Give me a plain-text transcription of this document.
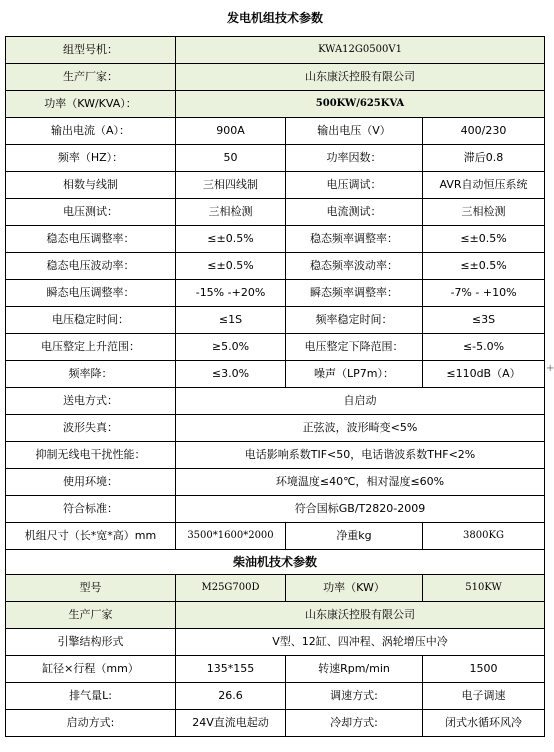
发电机组技术参数			
组型号机：	KWA12G0500V1		
生产厂家：	山东康沃控股有限公司		
功率（KW/KVA）：	500KW/625KVA		
输出电流（A）：	900A	输出电压（V）	400/230
频率（HZ）：	50	功率因数：	滞后0.8
相数与线制	三相四线制	电压调试：	AVR自动恒压系统
电压测试：	三相检测	电流测试：	三相检测
稳态电压调整率：	≤±0.5%	稳态频率调整率：	≤±0.5%
稳态电压波动率：	≤±0.5%	稳态频率波动率：	≤±0.5%
瞬态电压调整率：	-15% -+20%	瞬态频率调整率：	-7% - +10%
电压稳定时间：	≤1S	频率稳定时间：	≤3S
电压整定上升范围：	≥5.0%	电压整定下降范围：	≤-5.0%
频率降：	≤3.0%	噪声（LP7m）：	≤110dB（A）
送电方式：	自启动		
波形失真：	正弦波，波形畸变<5%		
抑制无线电干扰性能：	电话影响系数TIF<50，电话谐波系数THF<2%		
使用环境：	环境温度≤40℃，相对湿度≤60%		
符合标准：	符合国标GB/T2820-2009		
机组尺寸（长*宽*高）mm	3500*1600*2000	净重kg	3800KG
柴油机技术参数			
型号	M25G700D	功率（KW）	510KW
生产厂家	山东康沃控股有限公司		
引擎结构形式	V型、12缸、四冲程、涡轮增压中冷		
缸径×行程（mm）	135*155	转速Rpm/min	1500
排气量L:	26.6	调速方式:	电子调速
启动方式:	24V直流电起动	冷却方式:	闭式水循环风冷
+
